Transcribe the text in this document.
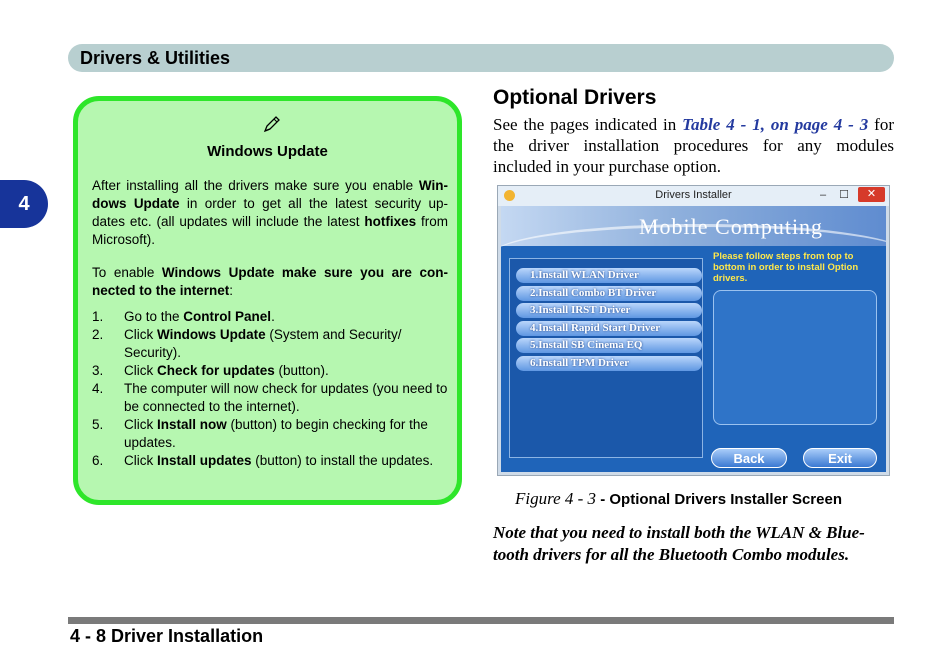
Drivers & Utilities
4
Windows Update
After installing all the drivers make sure you enable Win- dows Update in order to get all the latest security up- dates etc. (all updates will include the latest hotfixes from Microsoft).
To enable Windows Update make sure you are con- nected to the internet:
1. Go to the Control Panel.
2. Click Windows Update (System and Security/ Security).
3. Click Check for updates (button).
4. The computer will now check for updates (you need to be connected to the internet).
5. Click Install now (button) to begin checking for the updates.
6. Click Install updates (button) to install the updates.
Optional Drivers
See the pages indicated in Table 4 - 1, on page 4 - 3 for the driver installation procedures for any modules included in your purchase option.
Drivers Installer	–	☐	✕
Mobile Computing
1.Install WLAN Driver
2.Install Combo BT Driver
3.Install IRST Driver
4.Install Rapid Start Driver
5.Install SB Cinema EQ
6.Install TPM Driver
Please follow steps from top to bottom in order to install Option drivers.
Back	Exit
Figure 4 - 3 - Optional Drivers Installer Screen
Note that you need to install both the WLAN & Blue-tooth drivers for all the Bluetooth Combo modules.
4 - 8 Driver Installation
